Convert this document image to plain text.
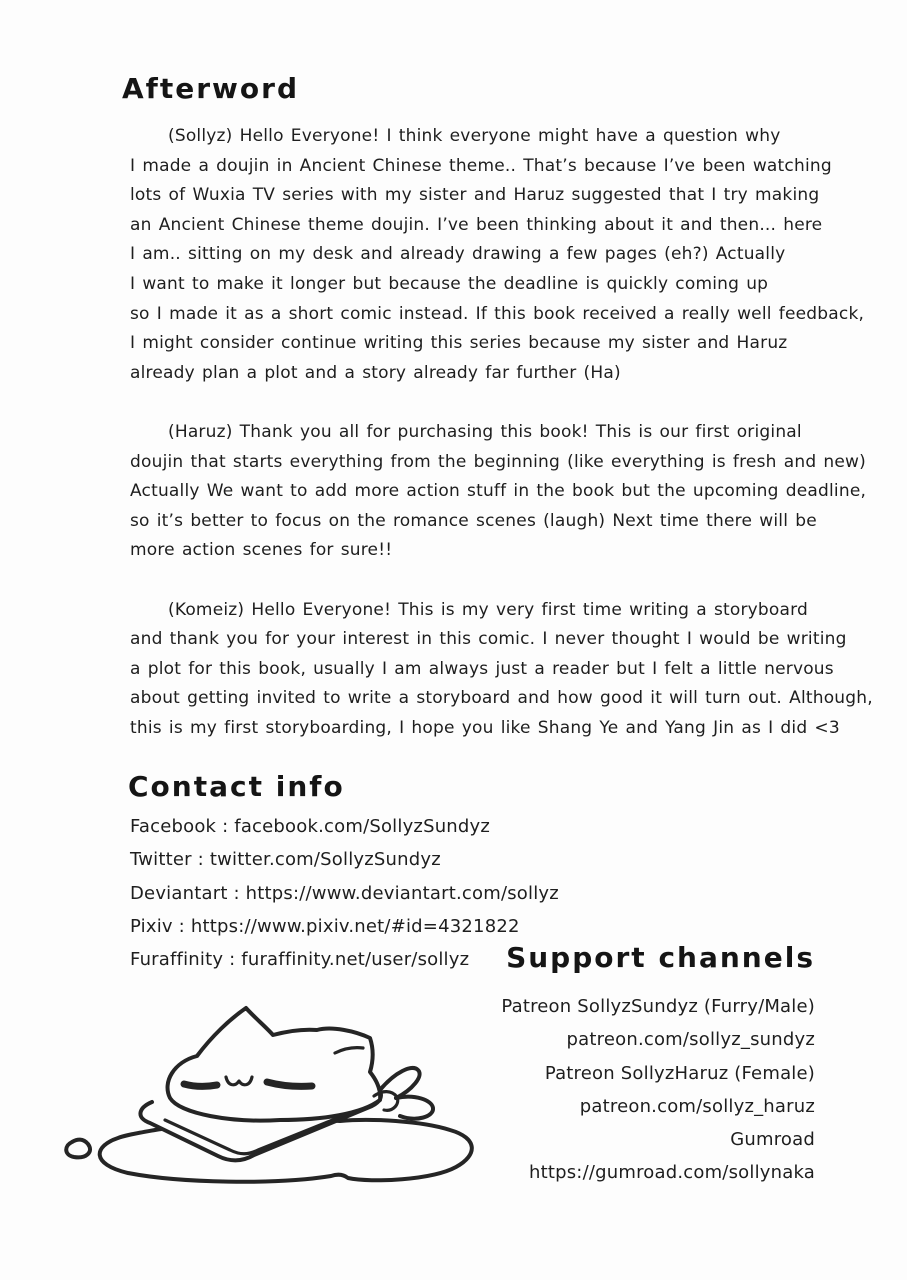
Afterword
(Sollyz) Hello Everyone! I think everyone might have a question why
I made a doujin in Ancient Chinese theme.. That’s because I’ve been watching
lots of Wuxia TV series with my sister and Haruz suggested that I try making
an Ancient Chinese theme doujin. I’ve been thinking about it and then... here
I am.. sitting on my desk and already drawing a few pages (eh?) Actually
I want to make it longer but because the deadline is quickly coming up
so I made it as a short comic instead. If this book received a really well feedback,
I might consider continue writing this series because my sister and Haruz
already plan a plot and a story already far further (Ha)
(Haruz) Thank you all for purchasing this book! This is our first original
doujin that starts everything from the beginning (like everything is fresh and new)
Actually We want to add more action stuff in the book but the upcoming deadline,
so it’s better to focus on the romance scenes (laugh) Next time there will be
more action scenes for sure!!
(Komeiz) Hello Everyone! This is my very first time writing a storyboard
and thank you for your interest in this comic. I never thought I would be writing
a plot for this book, usually I am always just a reader but I felt a little nervous
about getting invited to write a storyboard and how good it will turn out. Although,
this is my first storyboarding, I hope you like Shang Ye and Yang Jin as I did <3
Contact info
Facebook : facebook.com/SollyzSundyz
Twitter : twitter.com/SollyzSundyz
Deviantart : https://www.deviantart.com/sollyz
Pixiv : https://www.pixiv.net/#id=4321822
Furaffinity : furaffinity.net/user/sollyz	Support channels
Patreon SollyzSundyz (Furry/Male)
patreon.com/sollyz_sundyz
Patreon SollyzHaruz (Female)
patreon.com/sollyz_haruz
Gumroad
https://gumroad.com/sollynaka
